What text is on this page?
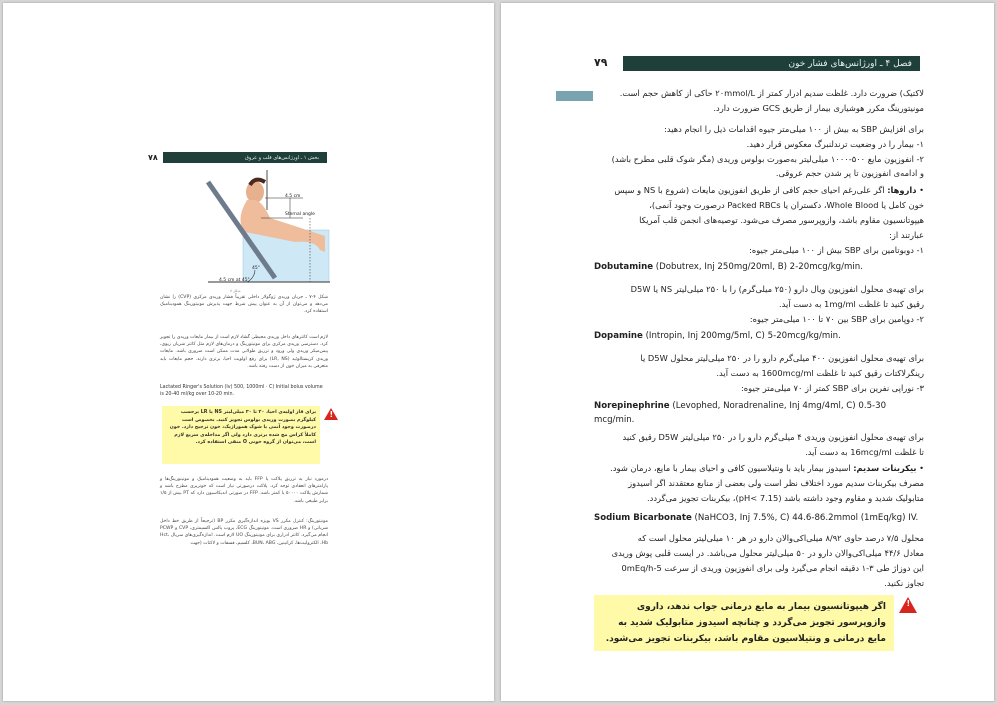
بخش ۱ ـ اورژانس‌های قلب و عروق
۷۸
4.5 cm
Sternal angle
45°
4.5 cm at 45°
شکل ۷
شکل ۴-۷ ـ جریان وریدی ژوگولار داخلی تقریباً فشار وریدی مرکزی (CVP) را نشان می‌دهد و می‌توان از آن به عنوان پیش شرط جهت پذیرش مونیتورینگ همودینامیک استفاده کرد.
لازم است کاتترهای داخل وریدی محیطی گشاد لازم است از بیمار مایعات وریدی را تجویز کرد. دسترسی وریدی مرکزی برای مونیتورینگ و درمان‌های لازم مثل کاتتر شریان ریوی، پیس‌میکر وریدی ولی ورود و تزریق طولانی مدت ممکن است ضروری باشد. مایعات وریدی کریستالوئید (LR, NS) برای رفع اولویت احیا، برتری دارند. حجم مایعات باید متعرفی به میزان خون از دست رفته باشد.
Lactated Ringer's Solution (lv) 500, 1000ml · C) Initial bolus volume is 20-40 ml/kg over 10-20 min.
!
برای فاز اولیه‌ی احیا، ۲۰ تا ۳۰ میلی‌لیتر NS یا LR برحسب کیلوگرم بصورت وریدی بولوس تجویز کنید. بخصوص است درصورت وجود آنمی یا شوک هموراژیک، خون ترجیح دارد. خون کاملاً کراس مچ شده برتری دارد ولی اگر مداخله‌ی سریع لازم است، می‌توان از گروه خونی O منفی استفاده کرد.
درمورد نیاز به تزریق پلاکت یا FFP باید به وضعیت همودینامیک و مونیتورینگ‌ها و پارامترهای انعقادی توجه کرد. پلاکت درصورتی نیاز است که خونریزی مطرح باشد و شمارش پلاکت ۵۰۰۰۰ یا کمتر باشد. FFP در صورتی اندیکاسیون دارد که PT بیش از ۱/۵ برابر طبیعی باشد.
مونیتورینگ: کنترل مکرر VS بویژه اندازه‌گیری مکرر BP (ترجیحاً از طریق خط داخل شریانی) و HR ضروری است. مونیتورینگ ECG، پروب پالس اکسیمتری، CVP و PCWP انجام می‌گیرد. کاتتر ادراری برای مونیتورینگ UO لازم است. اندازه‌گیری‌های سریال Hct، Hb، الکترولیت‌ها، کراتینین، BUN، ABG، کلسیم، فسفات و لاکتات (جهت
فصل ۴ ـ اورژانس‌های فشار خون
۷۹
لاکتیک) ضرورت دارد. غلظت سدیم ادرار کمتر از ۲۰mmol/L حاکی از کاهش حجم است.
مونیتورینگ مکرر هوشیاری بیمار از طریق GCS ضرورت دارد.
برای افزایش SBP به بیش از ۱۰۰ میلی‌متر جیوه اقدامات ذیل را انجام دهید:
۱- بیمار را در وضعیت ترندلنبرگ معکوس قرار دهید.
۲- انفوزیون مایع ۵۰۰-۱۰۰۰ میلی‌لیتر به‌صورت بولوس وریدی (مگر شوک قلبی مطرح باشد)
و ادامه‌ی انفوزیون تا پر شدن حجم عروقی.
• داروها: اگر علی‌رغم احیای حجم کافی از طریق انفوزیون مایعات (شروع با NS و سپس
خون کامل یا Whole Blood، دکستران یا Packed RBCs درصورت وجود آنمی)،
هیپوتانسیون مقاوم باشد، وازوپرسور مصرف می‌شود. توصیه‌های انجمن قلب آمریکا
عبارتند از:
۱- دوبوتامین برای SBP بیش از ۱۰۰ میلی‌متر جیوه:
Dobutamine (Dobutrex, Inj 250mg/20ml, B) 2-20mcg/kg/min.
برای تهیه‌ی محلول انفوزیون ویال دارو (۲۵۰ میلی‌گرم) را با ۲۵۰ میلی‌لیتر NS یا D5W
رقیق کنید تا غلظت 1mg/ml به دست آید.
۲- دوپامین برای SBP بین ۷۰ تا ۱۰۰ میلی‌متر جیوه:
Dopamine (Intropin, Inj 200mg/5ml, C) 5-20mcg/kg/min.
برای تهیه‌ی محلول انفوزیون ۴۰۰ میلی‌گرم دارو را در ۲۵۰ میلی‌لیتر محلول D5W یا
رینگرلاکتات رقیق کنید تا غلظت 1600mcg/ml به دست آید.
۳- نوراپی نفرین برای SBP کمتر از ۷۰ میلی‌متر جیوه:
Norepinephrine (Levophed, Noradrenaline, Inj 4mg/4ml, C) 0.5-30
mcg/min.
برای تهیه‌ی محلول انفوزیون وریدی ۴ میلی‌گرم دارو را در ۲۵۰ میلی‌لیتر D5W رقیق کنید
تا غلظت 16mcg/ml به دست آید.
• بیکربنات سدیم: اسیدوز بیمار باید با ونتیلاسیون کافی و احیای بیمار با مایع، درمان شود.
مصرف بیکربنات سدیم مورد اختلاف نظر است ولی بعضی از منابع معتقدند اگر اسیدوز
متابولیک شدید و مقاوم وجود داشته باشد (pH< 7.15)، بیکربنات تجویز می‌گردد.
Sodium Bicarbonate (NaHCO3, Inj 7.5%, C) 44.6-86.2mmol (1mEq/kg) IV.
محلول ۷/۵ درصد حاوی ۸/۹۲ میلی‌اکی‌والان دارو در هر ۱۰ میلی‌لیتر محلول است که
معادل ۴۴/۶ میلی‌اکی‌والان دارو در ۵۰ میلی‌لیتر محلول می‌باشد. در ایست قلبی پوش وریدی
این دوزاژ طی ۳-۱ دقیقه انجام می‌گیرد ولی برای انفوزیون وریدی از سرعت 5-0mEq/h
تجاوز نکنید.
!
اگر هیپوتانسیون بیمار به مایع درمانی جواب ندهد، داروی وازوپرسور تجویز می‌گردد و چنانچه اسیدوز متابولیک شدید به مایع درمانی و ونتیلاسیون مقاوم باشد، بیکربنات تجویز می‌شود.
